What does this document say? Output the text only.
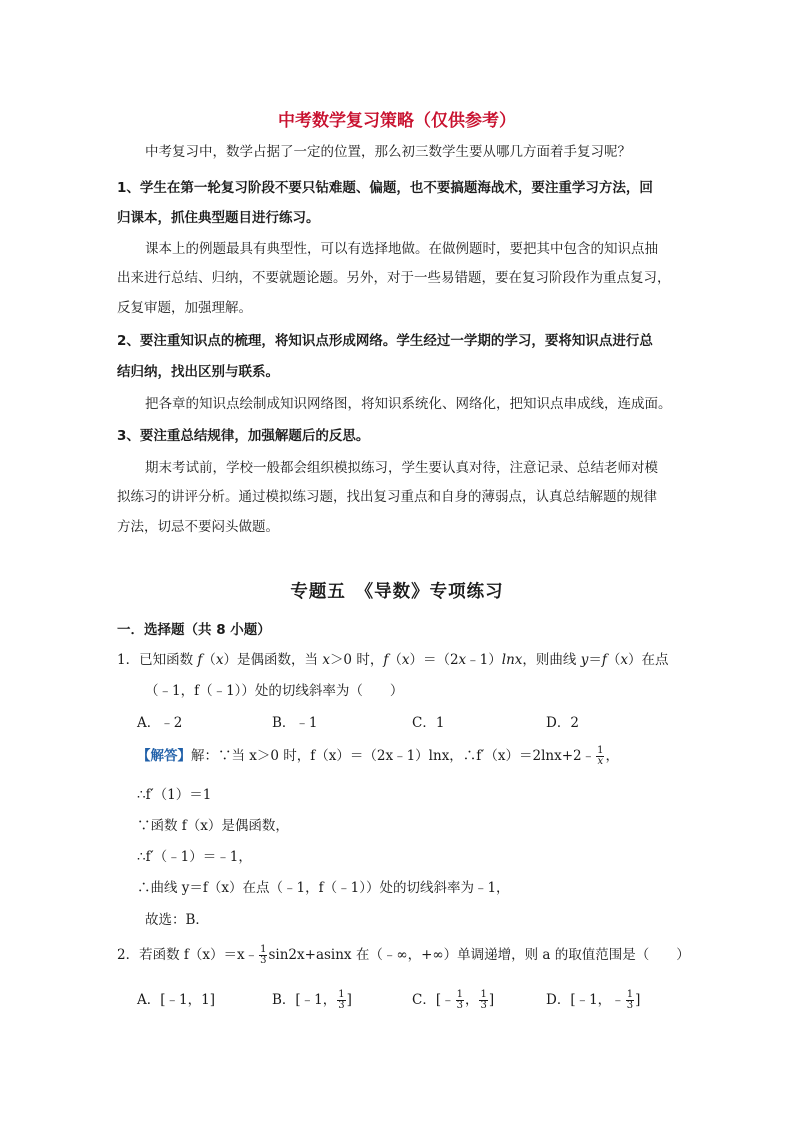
中考数学复习策略（仅供参考）
中考复习中，数学占据了一定的位置，那么初三数学生要从哪几方面着手复习呢？
1、学生在第一轮复习阶段不要只钻难题、偏题，也不要搞题海战术，要注重学习方法，回
归课本，抓住典型题目进行练习。
课本上的例题最具有典型性，可以有选择地做。在做例题时，要把其中包含的知识点抽
出来进行总结、归纳，不要就题论题。另外，对于一些易错题，要在复习阶段作为重点复习，
反复审题，加强理解。
2、要注重知识点的梳理，将知识点形成网络。学生经过一学期的学习，要将知识点进行总
结归纳，找出区别与联系。
把各章的知识点绘制成知识网络图，将知识系统化、网络化，把知识点串成线，连成面。
3、要注重总结规律，加强解题后的反思。
期末考试前，学校一般都会组织模拟练习，学生要认真对待，注意记录、总结老师对模
拟练习的讲评分析。通过模拟练习题，找出复习重点和自身的薄弱点，认真总结解题的规律
方法，切忌不要闷头做题。
专题五　《导数》专项练习
一．选择题（共 8 小题）
1．已知函数 f（x）是偶函数，当 x＞0 时，f（x）＝（2x﹣1）lnx，则曲线 y＝f（x）在点
（﹣1，f（﹣1））处的切线斜率为（　　）
A．﹣2	B．﹣1	C．1	D．2
【解答】解：∵当 x＞0 时，f（x）＝（2x﹣1）lnx，∴f′（x）＝2lnx+2﹣ $\frac{1}{x}$ ，
∴f′（1）＝1
∵函数 f（x）是偶函数，
∴f′（﹣1）＝﹣1，
∴曲线 y＝f（x）在点（﹣1，f（﹣1））处的切线斜率为﹣1，
故选：B．
2．若函数 f（x）＝x﹣ $\frac{1}{3} \sin 2x+asinx$ 在（﹣∞，+∞）单调递增，则 a 的取值范围是（　　）
A．[﹣1，1]	B．[﹣1， $\frac{1}{3}$ ]	C．[﹣ $\frac{1}{3}$ ， $\frac{1}{3}$ ]	D．[﹣1，﹣ $\frac{1}{3}$ ]
